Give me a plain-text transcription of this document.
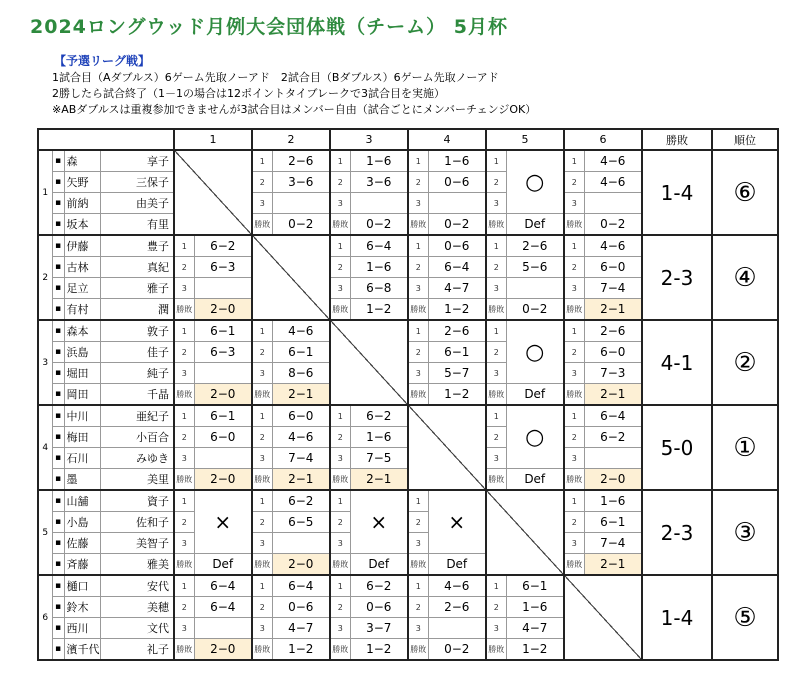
2024ロングウッド月例大会団体戦（チーム） 5月杯
【予選リーグ戦】
1試合目（Aダブルス）6ゲーム先取ノーアド　2試合目（Bダブルス）6ゲーム先取ノーアド
2勝したら試合終了（1－1の場合は12ポイントタイブレークで3試合目を実施）
※ABダブルスは重複参加できませんが3試合目はメンバー自由（試合ごとにメンバーチェンジOK）
				1		2		3		4		5		6		勝敗	順位
1	▪	森	享子			1	2−6	1	1−6	1	1−6	1	○	1	4−6	1-4	⑥
	▪	矢野	三保子			2	3−6	2	3−6	2	0−6	2		2	4−6		
	▪	前納	由美子			3		3		3		3		3			
	▪	坂本	有里			勝敗	0−2	勝敗	0−2	勝敗	0−2	勝敗	Def	勝敗	0−2		
2	▪	伊藤	豊子	1	6−2			1	6−4	1	0−6	1	2−6	1	4−6	2-3	④
	▪	古林	真紀	2	6−3			2	1−6	2	6−4	2	5−6	2	6−0		
	▪	足立	雅子	3				3	6−8	3	4−7	3		3	7−4		
	▪	有村	潤	勝敗	2−0			勝敗	1−2	勝敗	1−2	勝敗	0−2	勝敗	2−1		
3	▪	森本	敦子	1	6−1	1	4−6			1	2−6	1	○	1	2−6	4-1	②
	▪	浜島	佳子	2	6−3	2	6−1			2	6−1	2		2	6−0		
	▪	堀田	純子	3		3	8−6			3	5−7	3		3	7−3		
	▪	岡田	千晶	勝敗	2−0	勝敗	2−1			勝敗	1−2	勝敗	Def	勝敗	2−1		
4	▪	中川	亜紀子	1	6−1	1	6−0	1	6−2			1	○	1	6−4	5-0	①
	▪	梅田	小百合	2	6−0	2	4−6	2	1−6			2		2	6−2		
	▪	石川	みゆき	3		3	7−4	3	7−5			3		3			
	▪	墨	美里	勝敗	2−0	勝敗	2−1	勝敗	2−1			勝敗	Def	勝敗	2−0		
5	▪	山舗	資子	1	×	1	6−2	1	×	1	×			1	1−6	2-3	③
	▪	小島	佐和子	2		2	6−5	2		2				2	6−1		
	▪	佐藤	美智子	3		3		3		3				3	7−4		
	▪	斉藤	雅美	勝敗	Def	勝敗	2−0	勝敗	Def	勝敗	Def			勝敗	2−1		
6	▪	樋口	安代	1	6−4	1	6−4	1	6−2	1	4−6	1	6−1			1-4	⑤
	▪	鈴木	美穂	2	6−4	2	0−6	2	0−6	2	2−6	2	1−6				
	▪	西川	文代	3		3	4−7	3	3−7	3		3	4−7				
	▪	濱千代	礼子	勝敗	2−0	勝敗	1−2	勝敗	1−2	勝敗	0−2	勝敗	1−2				
